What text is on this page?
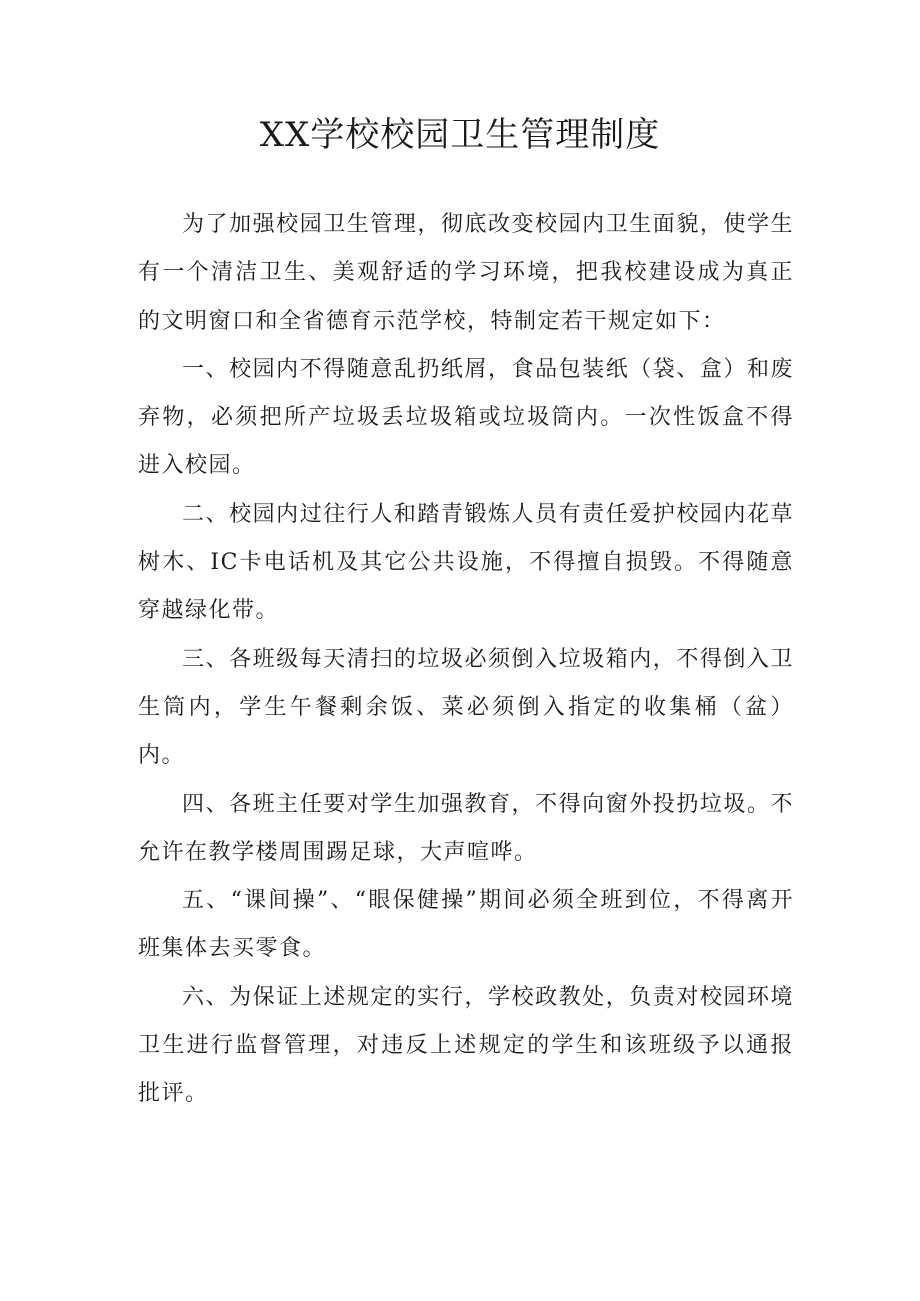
XX学校校园卫生管理制度

为了加强校园卫生管理，彻底改变校园内卫生面貌，使学生有一个清洁卫生、美观舒适的学习环境，把我校建设成为真正的文明窗口和全省德育示范学校，特制定若干规定如下：

一、校园内不得随意乱扔纸屑，食品包装纸（袋、盒）和废弃物，必须把所产垃圾丢垃圾箱或垃圾筒内。一次性饭盒不得进入校园。

二、校园内过往行人和踏青锻炼人员有责任爱护校园内花草树木、IC卡电话机及其它公共设施，不得擅自损毁。不得随意穿越绿化带。

三、各班级每天清扫的垃圾必须倒入垃圾箱内，不得倒入卫生筒内，学生午餐剩余饭、菜必须倒入指定的收集桶（盆）内。

四、各班主任要对学生加强教育，不得向窗外投扔垃圾。不允许在教学楼周围踢足球，大声喧哗。

五、“课间操”、“眼保健操”期间必须全班到位，不得离开班集体去买零食。

六、为保证上述规定的实行，学校政教处，负责对校园环境卫生进行监督管理，对违反上述规定的学生和该班级予以通报批评。
